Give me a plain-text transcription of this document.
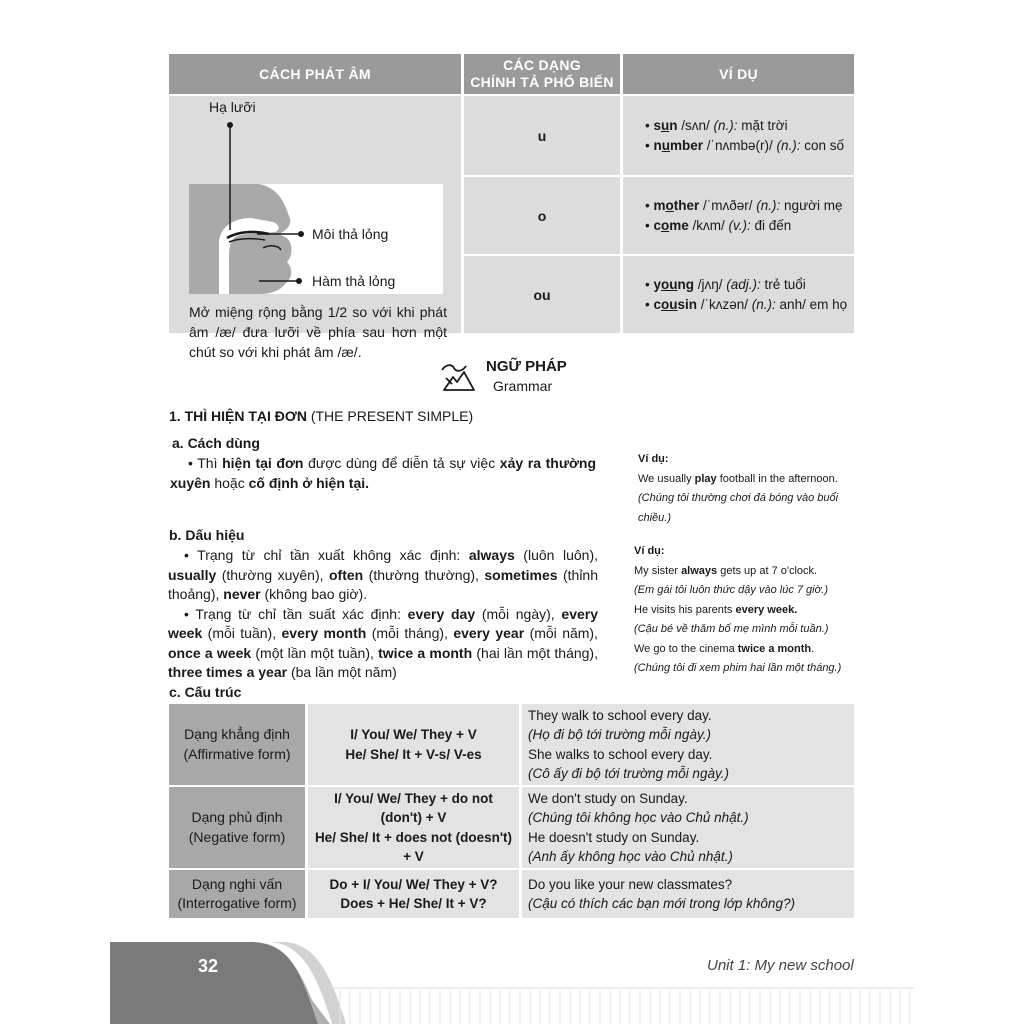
CÁCH PHÁT ÂM
CÁC DẠNG
CHÍNH TẢ PHỔ BIẾN
VÍ DỤ
Hạ lưỡi
Môi thả lỏng
Hàm thả lỏng
Mở miệng rộng bằng 1/2 so với khi phát âm /æ/ đưa lưỡi về phía sau hơn một chút so với khi phát âm /æ/.
u
• sun /sʌn/ (n.): mặt trời
• number /ˈnʌmbə(r)/ (n.): con số
o
• mother /ˈmʌðər/ (n.): người mẹ
• come /kʌm/ (v.): đi đến
ou
• young /jʌŋ/ (adj.): trẻ tuổi
• cousin /ˈkʌzən/ (n.): anh/ em họ
NGỮ PHÁP
Grammar
1. THÌ HIỆN TẠI ĐƠN (THE PRESENT SIMPLE)
a. Cách dùng
• Thì hiện tại đơn được dùng để diễn tả sự việc xảy ra thường xuyên hoặc cố định ở hiện tại.
Ví dụ:
We usually play football in the afternoon.
(Chúng tôi thường chơi đá bóng vào buổi chiều.)
b. Dấu hiệu
• Trạng từ chỉ tần xuất không xác định: always (luôn luôn), usually (thường xuyên), often (thường thường), sometimes (thỉnh thoảng), never (không bao giờ).
• Trạng từ chỉ tần suất xác định: every day (mỗi ngày), every week (mỗi tuần), every month (mỗi tháng), every year (mỗi năm), once a week (một lần một tuần), twice a month (hai lần một tháng), three times a year (ba lần một năm)
Ví dụ:
My sister always gets up at 7 o'clock.
(Em gái tôi luôn thức dậy vào lúc 7 giờ.)
He visits his parents every week.
(Cậu bé về thăm bố mẹ mình mỗi tuần.)
We go to the cinema twice a month.
(Chúng tôi đi xem phim hai lần một tháng.)
c. Cấu trúc
Dạng khẳng định
(Affirmative form)
I/ You/ We/ They + V
He/ She/ It + V-s/ V-es
They walk to school every day.
(Họ đi bộ tới trường mỗi ngày.)
She walks to school every day.
(Cô ấy đi bộ tới trường mỗi ngày.)
Dạng phủ định
(Negative form)
I/ You/ We/ They + do not
(don't) + V
He/ She/ It + does not (doesn't)
+ V
We don't study on Sunday.
(Chúng tôi không học vào Chủ nhật.)
He doesn't study on Sunday.
(Anh ấy không học vào Chủ nhật.)
Dạng nghi vấn
(Interrogative form)
Do + I/ You/ We/ They + V?
Does + He/ She/ It + V?
Do you like your new classmates?
(Cậu có thích các bạn mới trong lớp không?)
32	Unit 1: My new school
